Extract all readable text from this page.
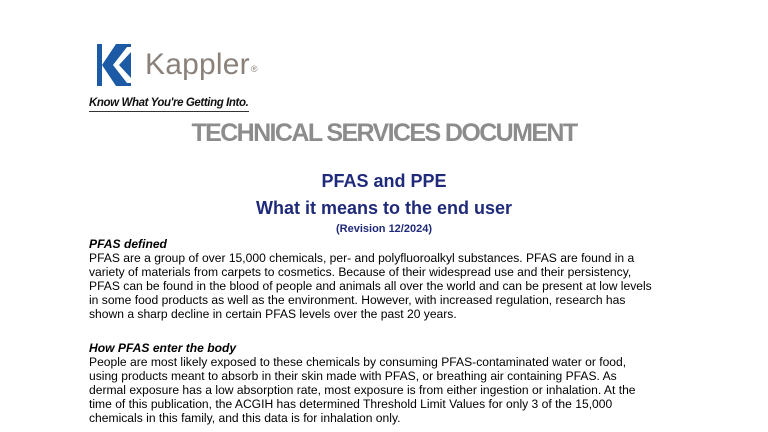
Kappler®
Know What You're Getting Into.
TECHNICAL SERVICES DOCUMENT
PFAS and PPE
What it means to the end user
(Revision 12/2024)
PFAS defined
PFAS are a group of over 15,000 chemicals, per- and polyfluoroalkyl substances. PFAS are found in a
variety of materials from carpets to cosmetics. Because of their widespread use and their persistency,
PFAS can be found in the blood of people and animals all over the world and can be present at low levels
in some food products as well as the environment. However, with increased regulation, research has
shown a sharp decline in certain PFAS levels over the past 20 years.
How PFAS enter the body
People are most likely exposed to these chemicals by consuming PFAS-contaminated water or food,
using products meant to absorb in their skin made with PFAS, or breathing air containing PFAS. As
dermal exposure has a low absorption rate, most exposure is from either ingestion or inhalation. At the
time of this publication, the ACGIH has determined Threshold Limit Values for only 3 of the 15,000
chemicals in this family, and this data is for inhalation only.
